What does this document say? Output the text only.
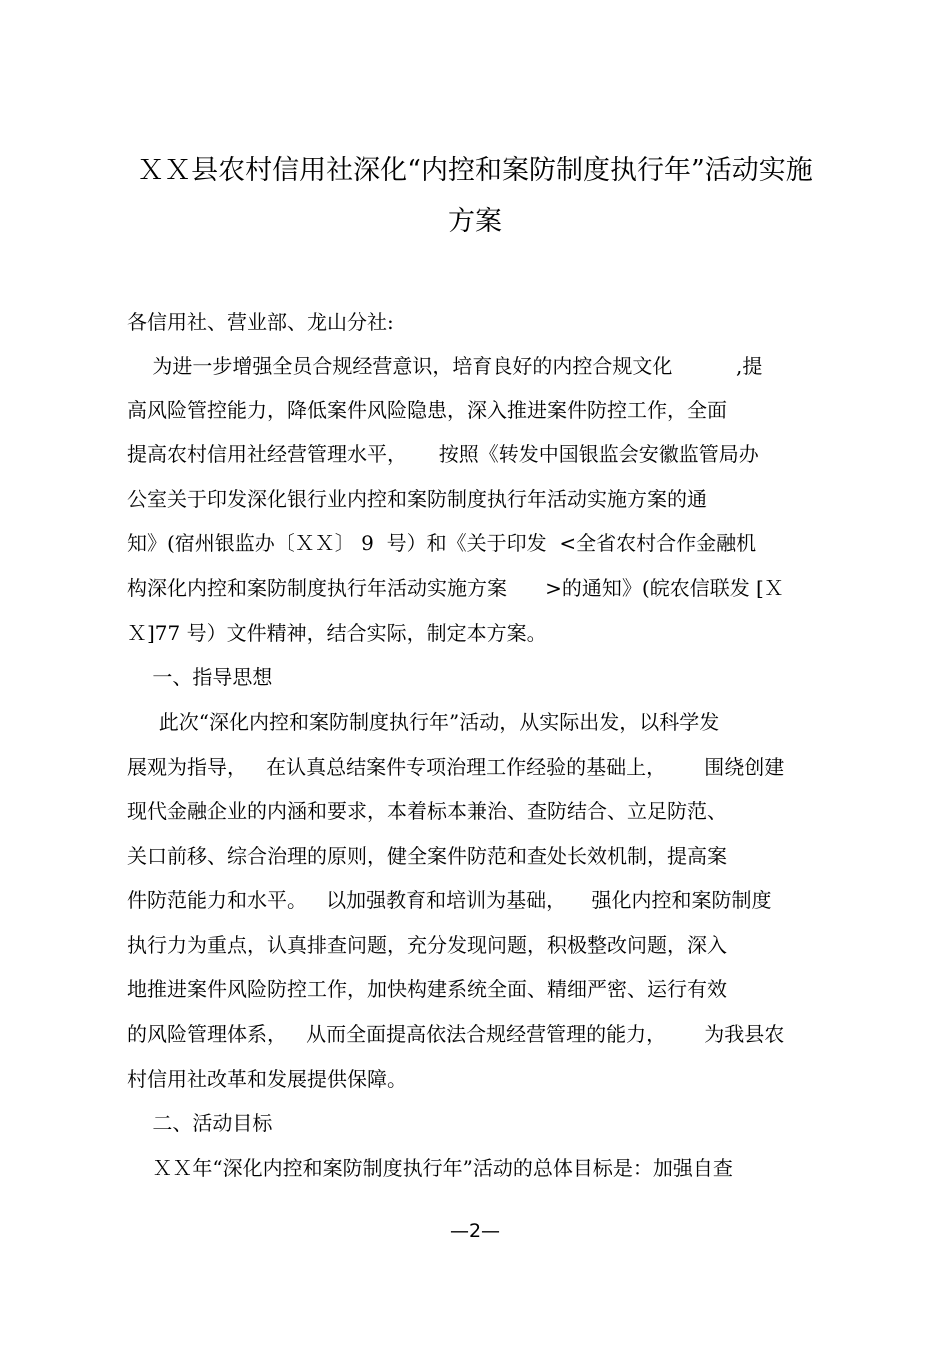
ＸＸ县农村信用社深化“内控和案防制度执行年”活动实施
方案
各信用社、营业部、龙山分社:
为进一步增强全员合规经营意识，培育良好的内控合规文化          ,提
高风险管控能力，降低案件风险隐患，深入推进案件防控工作，全面
提高农村信用社经营管理水平，     按照《转发中国银监会安徽监管局办
公室关于印发深化银行业内控和案防制度执行年活动实施方案的通
知》(宿州银监办〔ＸＸ〕 9  号）和《关于印发  <全省农村合作金融机
构深化内控和案防制度执行年活动实施方案      >的通知》(皖农信联发 [Ｘ
Ｘ]77 号）文件精神，结合实际，制定本方案。
一、指导思想
此次“深化内控和案防制度执行年”活动，从实际出发，以科学发
展观为指导，   在认真总结案件专项治理工作经验的基础上，      围绕创建
现代金融企业的内涵和要求，本着标本兼治、查防结合、立足防范、
关口前移、综合治理的原则，健全案件防范和查处长效机制，提高案
件防范能力和水平。   以加强教育和培训为基础，    强化内控和案防制度
执行力为重点，认真排查问题，充分发现问题，积极整改问题，深入
地推进案件风险防控工作，加快构建系统全面、精细严密、运行有效
的风险管理体系，   从而全面提高依法合规经营管理的能力，      为我县农
村信用社改革和发展提供保障。
二、活动目标
ＸＸ年“深化内控和案防制度执行年”活动的总体目标是：加强自查
—2—
